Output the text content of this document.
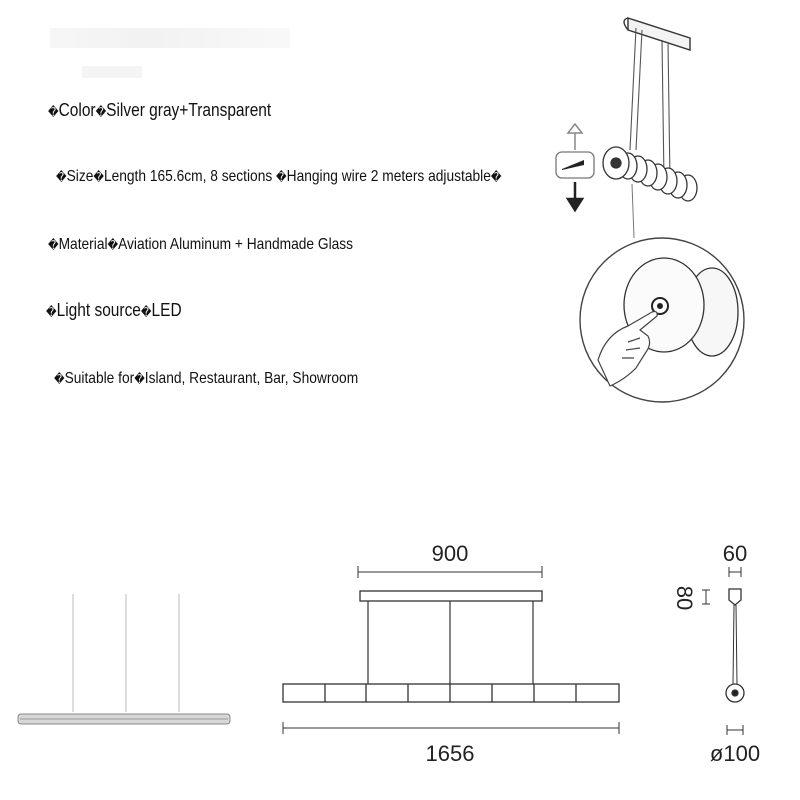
�Color�Silver gray+Transparent
�Size�Length 165.6cm, 8 sections �Hanging wire 2 meters adjustable�
�Material�Aviation Aluminum + Handmade Glass
�Light source�LED
�Suitable for�Island, Restaurant, Bar, Showroom
900
1656
60
80
ø100
